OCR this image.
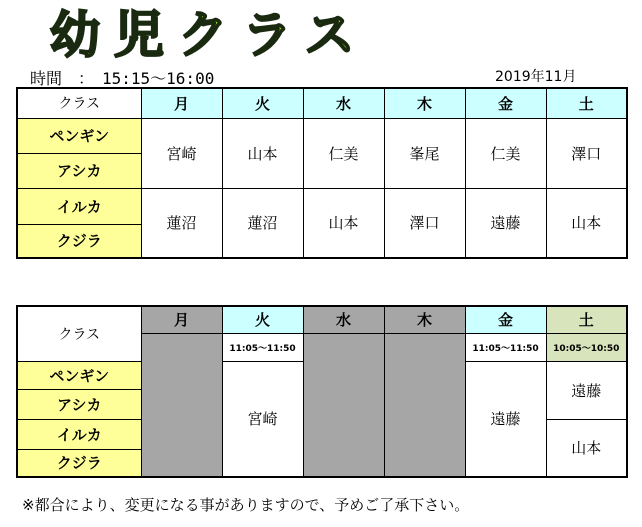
幼児クラス
時間　：　15:15〜16:00	2019年11月
クラス	月	火	水	木	金	土
ペンギン	宮崎	山本	仁美	峯尾	仁美	澤口
アシカ						
イルカ	蓮沼	蓮沼	山本	澤口	遠藤	山本
クジラ						
クラス	月	火	水	木	金	土
		11:05〜11:50			11:05〜11:50	10:05〜10:50
ペンギン		宮崎			遠藤	遠藤
アシカ						
イルカ						山本
クジラ						
※都合により、変更になる事がありますので、予めご了承下さい。
